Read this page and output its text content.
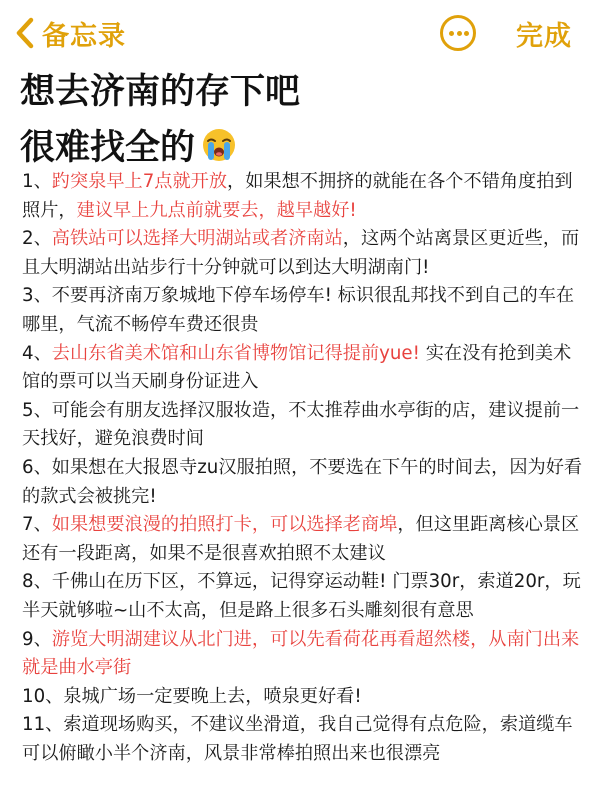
备忘录	完成
想去济南的存下吧
很难找全的

1、趵突泉早上7点就开放，如果想不拥挤的就能在各个不错角度拍到照片，建议早上九点前就要去，越早越好!

2、高铁站可以选择大明湖站或者济南站，这两个站离景区更近些，而且大明湖站出站步行十分钟就可以到达大明湖南门!

3、不要再济南万象城地下停车场停车! 标识很乱邦找不到自己的车在哪里，气流不畅停车费还很贵

4、去山东省美术馆和山东省博物馆记得提前yue! 实在没有抢到美术馆的票可以当天刷身份证进入

5、可能会有朋友选择汉服妆造，不太推荐曲水亭街的店，建议提前一天找好，避免浪费时间

6、如果想在大报恩寺zu汉服拍照，不要选在下午的时间去，因为好看的款式会被挑完!

7、如果想要浪漫的拍照打卡，可以选择老商埠，但这里距离核心景区还有一段距离，如果不是很喜欢拍照不太建议

8、千佛山在历下区，不算远，记得穿运动鞋! 门票30r，索道20r，玩半天就够啦~山不太高，但是路上很多石头雕刻很有意思

9、游览大明湖建议从北门进，可以先看荷花再看超然楼，从南门出来就是曲水亭街

10、泉城广场一定要晚上去，喷泉更好看!

11、索道现场购买，不建议坐滑道，我自己觉得有点危险，索道缆车可以俯瞰小半个济南，风景非常棒拍照出来也很漂亮
